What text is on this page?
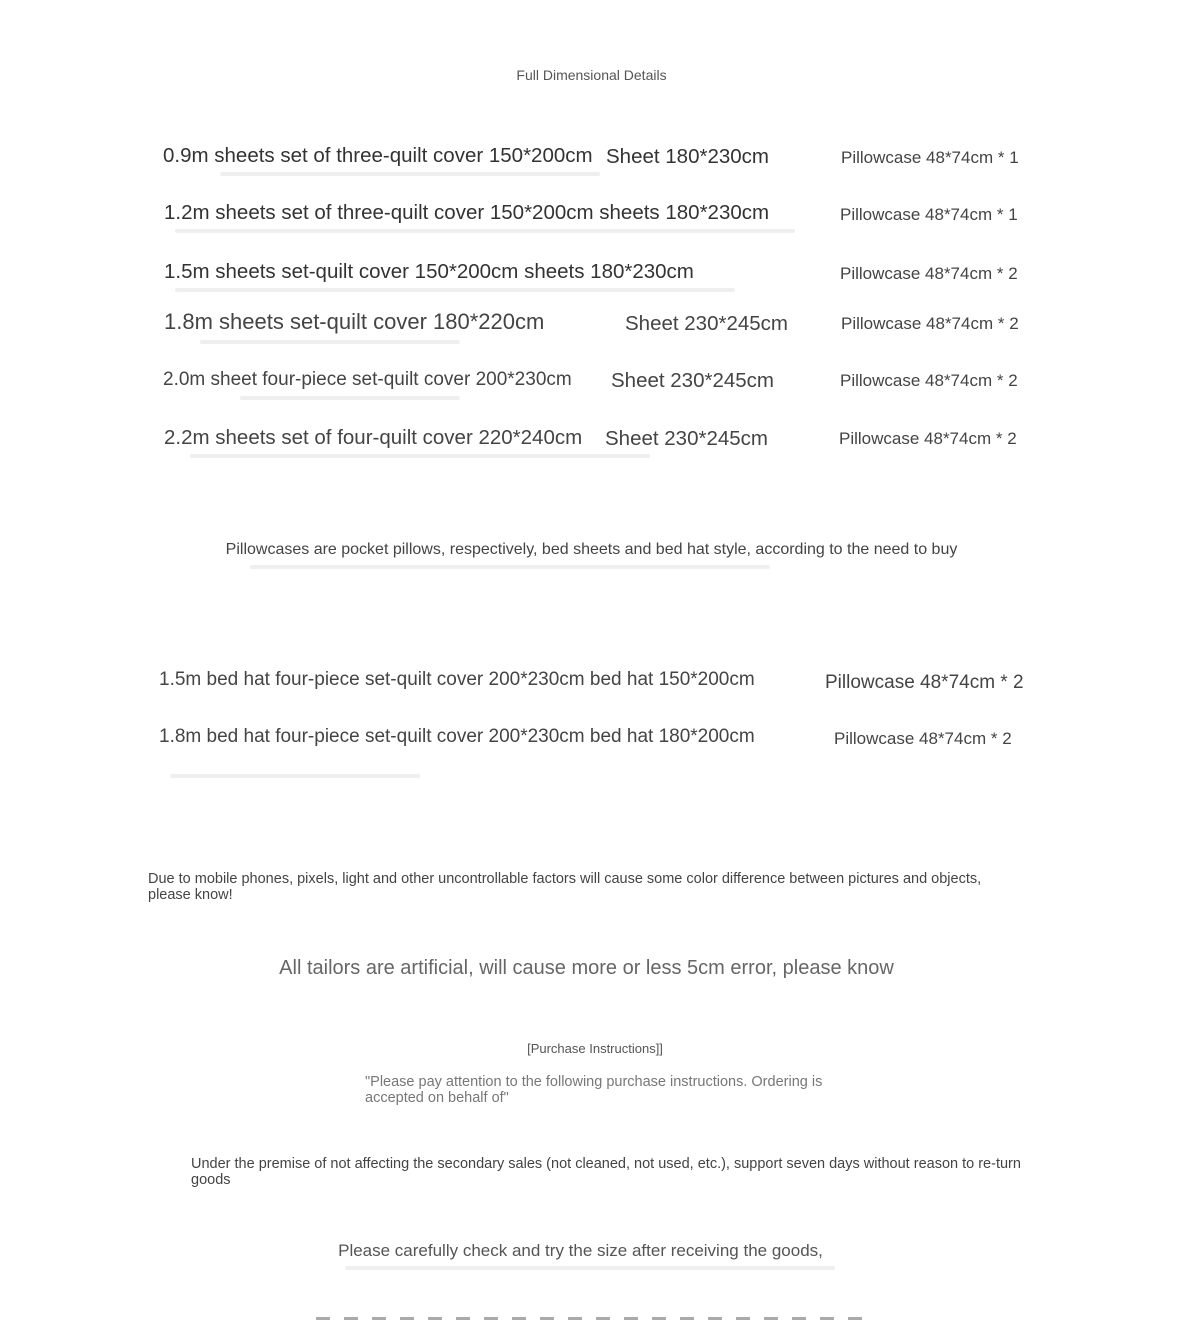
Full Dimensional Details
0.9m sheets set of three-quilt cover 150*200cm Sheet 180*230cm	Pillowcase 48*74cm * 1
1.2m sheets set of three-quilt cover 150*200cm sheets 180*230cm	Pillowcase 48*74cm * 1
1.5m sheets set-quilt cover 150*200cm sheets 180*230cm	Pillowcase 48*74cm * 2
1.8m sheets set-quilt cover 180*220cm	Sheet 230*245cm	Pillowcase 48*74cm * 2
2.0m sheet four-piece set-quilt cover 200*230cm Sheet 230*245cm	Pillowcase 48*74cm * 2
2.2m sheets set of four-quilt cover 220*240cm Sheet 230*245cm	Pillowcase 48*74cm * 2
Pillowcases are pocket pillows, respectively, bed sheets and bed hat style, according to the need to buy
1.5m bed hat four-piece set-quilt cover 200*230cm bed hat 150*200cm	Pillowcase 48*74cm * 2
1.8m bed hat four-piece set-quilt cover 200*230cm bed hat 180*200cm	Pillowcase 48*74cm * 2
Due to mobile phones, pixels, light and other uncontrollable factors will cause some color difference between pictures and objects, please know!
All tailors are artificial, will cause more or less 5cm error, please know
[Purchase Instructions]]
"Please pay attention to the following purchase instructions. Ordering is accepted on behalf of"
Under the premise of not affecting the secondary sales (not cleaned, not used, etc.), support seven days without reason to re-turn goods
Please carefully check and try the size after receiving the goods,
